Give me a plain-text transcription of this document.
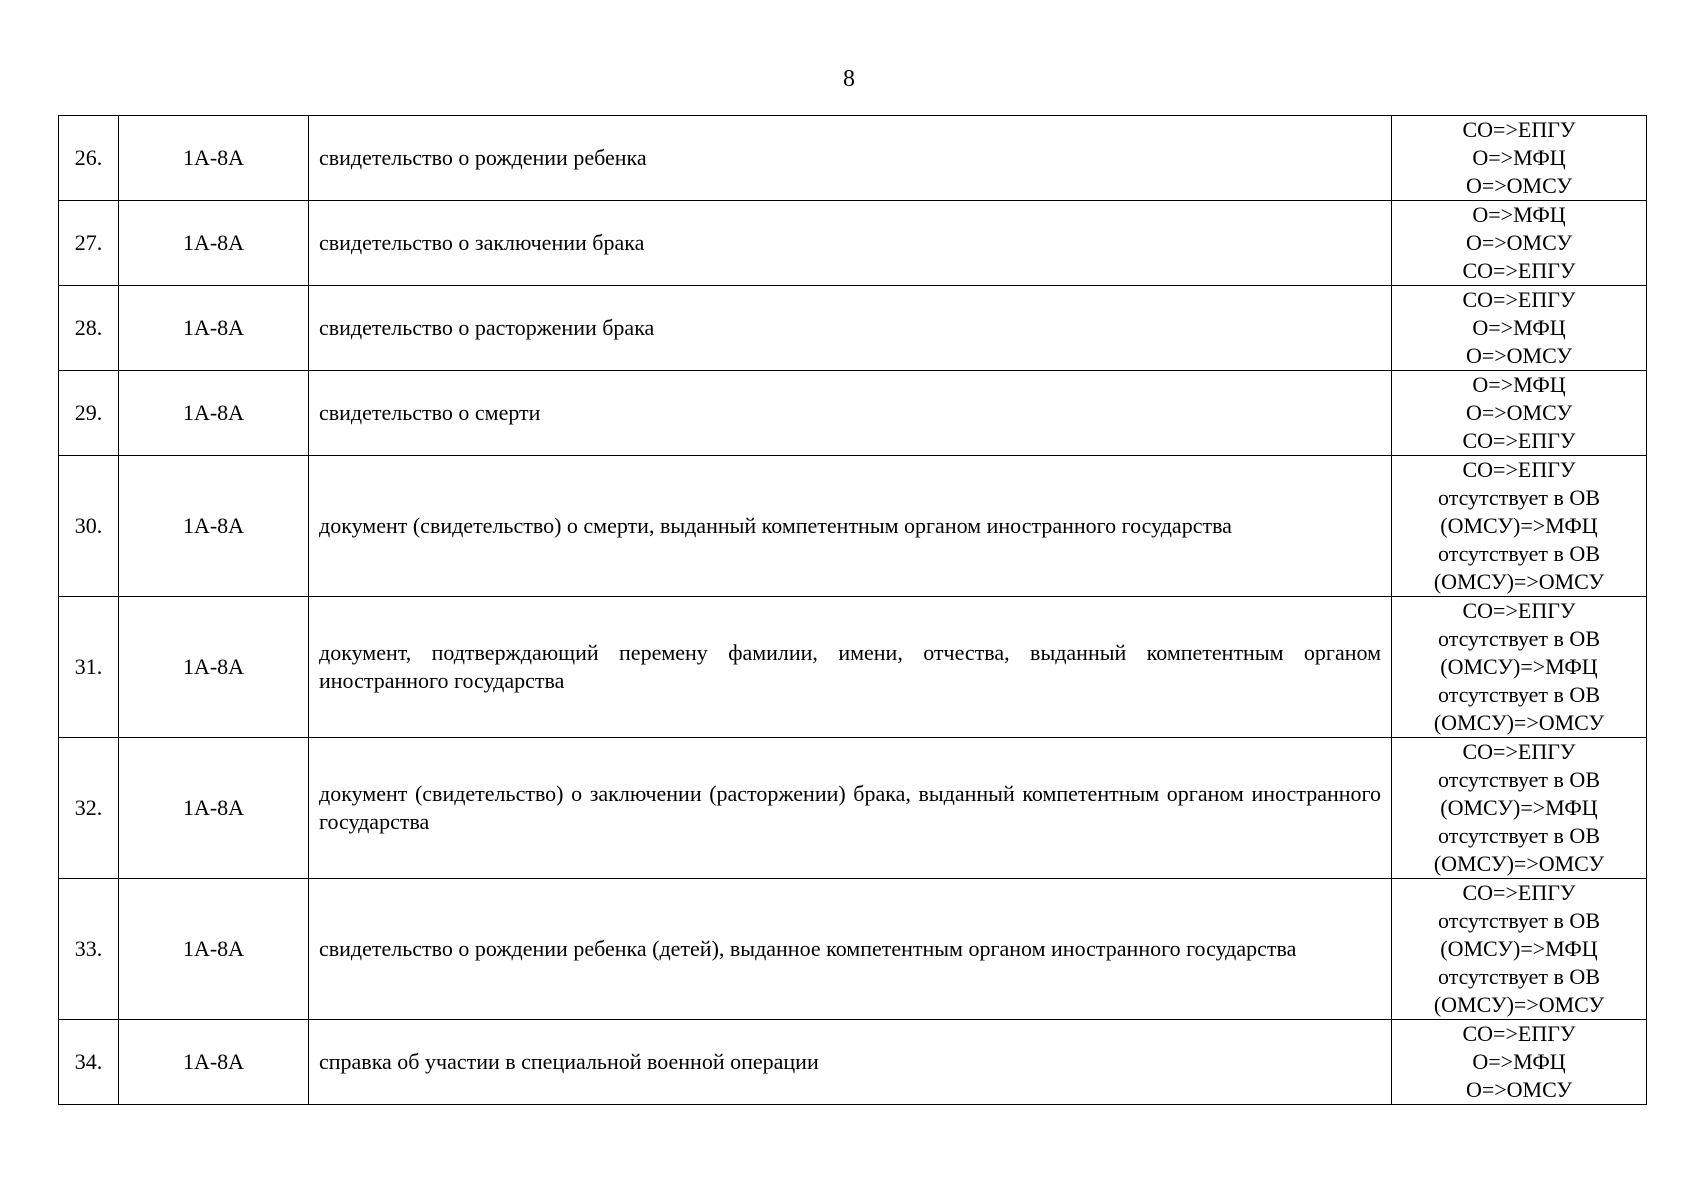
8
26.	1А-8А	свидетельство о рождении ребенка	СО=>ЕПГУ
О=>МФЦ
О=>ОМСУ

27.	1А-8А	свидетельство о заключении брака	О=>МФЦ
О=>ОМСУ
СО=>ЕПГУ

28.	1А-8А	свидетельство о расторжении брака	СО=>ЕПГУ
О=>МФЦ
О=>ОМСУ

29.	1А-8А	свидетельство о смерти	О=>МФЦ
О=>ОМСУ
СО=>ЕПГУ

30.	1А-8А	документ (свидетельство) о смерти, выданный компетентным органом иностранного государства	СО=>ЕПГУ
отсутствует в ОВ
(ОМСУ)=>МФЦ
отсутствует в ОВ
(ОМСУ)=>ОМСУ

31.	1А-8А	документ, подтверждающий перемену фамилии, имени, отчества, выданный компетентным органом иностранного государства	СО=>ЕПГУ
отсутствует в ОВ
(ОМСУ)=>МФЦ
отсутствует в ОВ
(ОМСУ)=>ОМСУ

32.	1А-8А	документ (свидетельство) о заключении (расторжении) брака, выданный компетентным органом иностранного государства	СО=>ЕПГУ
отсутствует в ОВ
(ОМСУ)=>МФЦ
отсутствует в ОВ
(ОМСУ)=>ОМСУ

33.	1А-8А	свидетельство о рождении ребенка (детей), выданное компетентным органом иностранного государства	СО=>ЕПГУ
отсутствует в ОВ
(ОМСУ)=>МФЦ
отсутствует в ОВ
(ОМСУ)=>ОМСУ

34.	1А-8А	справка об участии в специальной военной операции	СО=>ЕПГУ
О=>МФЦ
О=>ОМСУ
